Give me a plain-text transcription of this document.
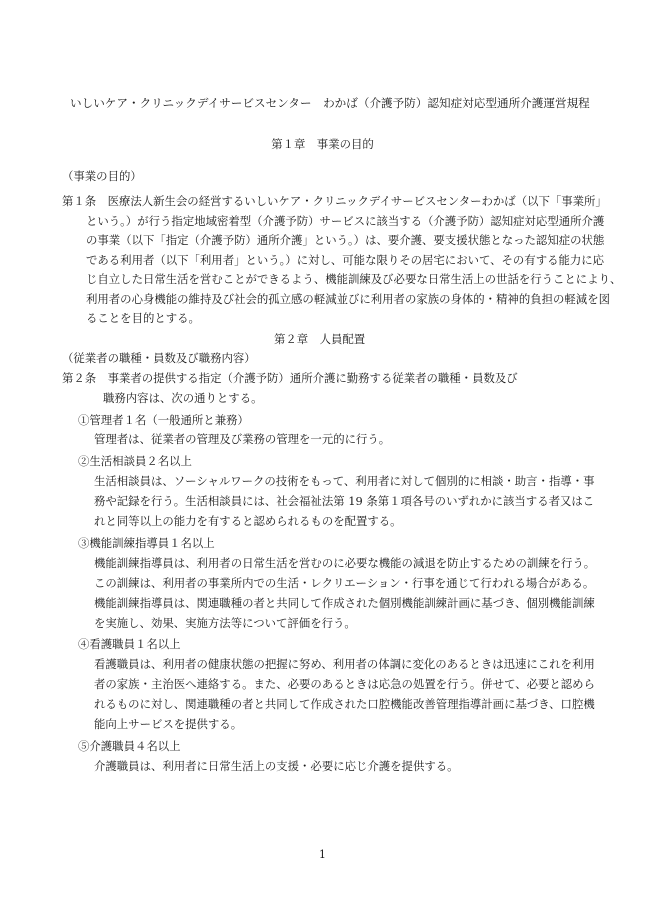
いしいケア・クリニックデイサービスセンター　わかば（介護予防）認知症対応型通所介護運営規程
第１章　事業の目的
（事業の目的）
第１条　医療法人新生会の経営するいしいケア・クリニックデイサービスセンターわかば（以下「事業所」
という。）が行う指定地域密着型（介護予防）サービスに該当する（介護予防）認知症対応型通所介護
の事業（以下「指定（介護予防）通所介護」という。）は、要介護、要支援状態となった認知症の状態
である利用者（以下「利用者」という。）に対し、可能な限りその居宅において、その有する能力に応
じ自立した日常生活を営むことができるよう、機能訓練及び必要な日常生活上の世話を行うことにより、
利用者の心身機能の維持及び社会的孤立感の軽減並びに利用者の家族の身体的・精神的負担の軽減を図
ることを目的とする。
第２章　人員配置
（従業者の職種・員数及び職務内容）
第２条　事業者の提供する指定（介護予防）通所介護に勤務する従業者の職種・員数及び
職務内容は、次の通りとする。
①管理者１名（一般通所と兼務）
管理者は、従業者の管理及び業務の管理を一元的に行う。
②生活相談員２名以上
生活相談員は、ソーシャルワークの技術をもって、利用者に対して個別的に相談・助言・指導・事
務や記録を行う。生活相談員には、社会福祉法第 19 条第１項各号のいずれかに該当する者又はこ
れと同等以上の能力を有すると認められるものを配置する。
③機能訓練指導員１名以上
機能訓練指導員は、利用者の日常生活を営むのに必要な機能の減退を防止するための訓練を行う。
この訓練は、利用者の事業所内での生活・レクリエーション・行事を通じて行われる場合がある。
機能訓練指導員は、関連職種の者と共同して作成された個別機能訓練計画に基づき、個別機能訓練
を実施し、効果、実施方法等について評価を行う。
④看護職員１名以上
看護職員は、利用者の健康状態の把握に努め、利用者の体調に変化のあるときは迅速にこれを利用
者の家族・主治医へ連絡する。また、必要のあるときは応急の処置を行う。併せて、必要と認めら
れるものに対し、関連職種の者と共同して作成された口腔機能改善管理指導計画に基づき、口腔機
能向上サービスを提供する。
⑤介護職員４名以上
介護職員は、利用者に日常生活上の支援・必要に応じ介護を提供する。
1
